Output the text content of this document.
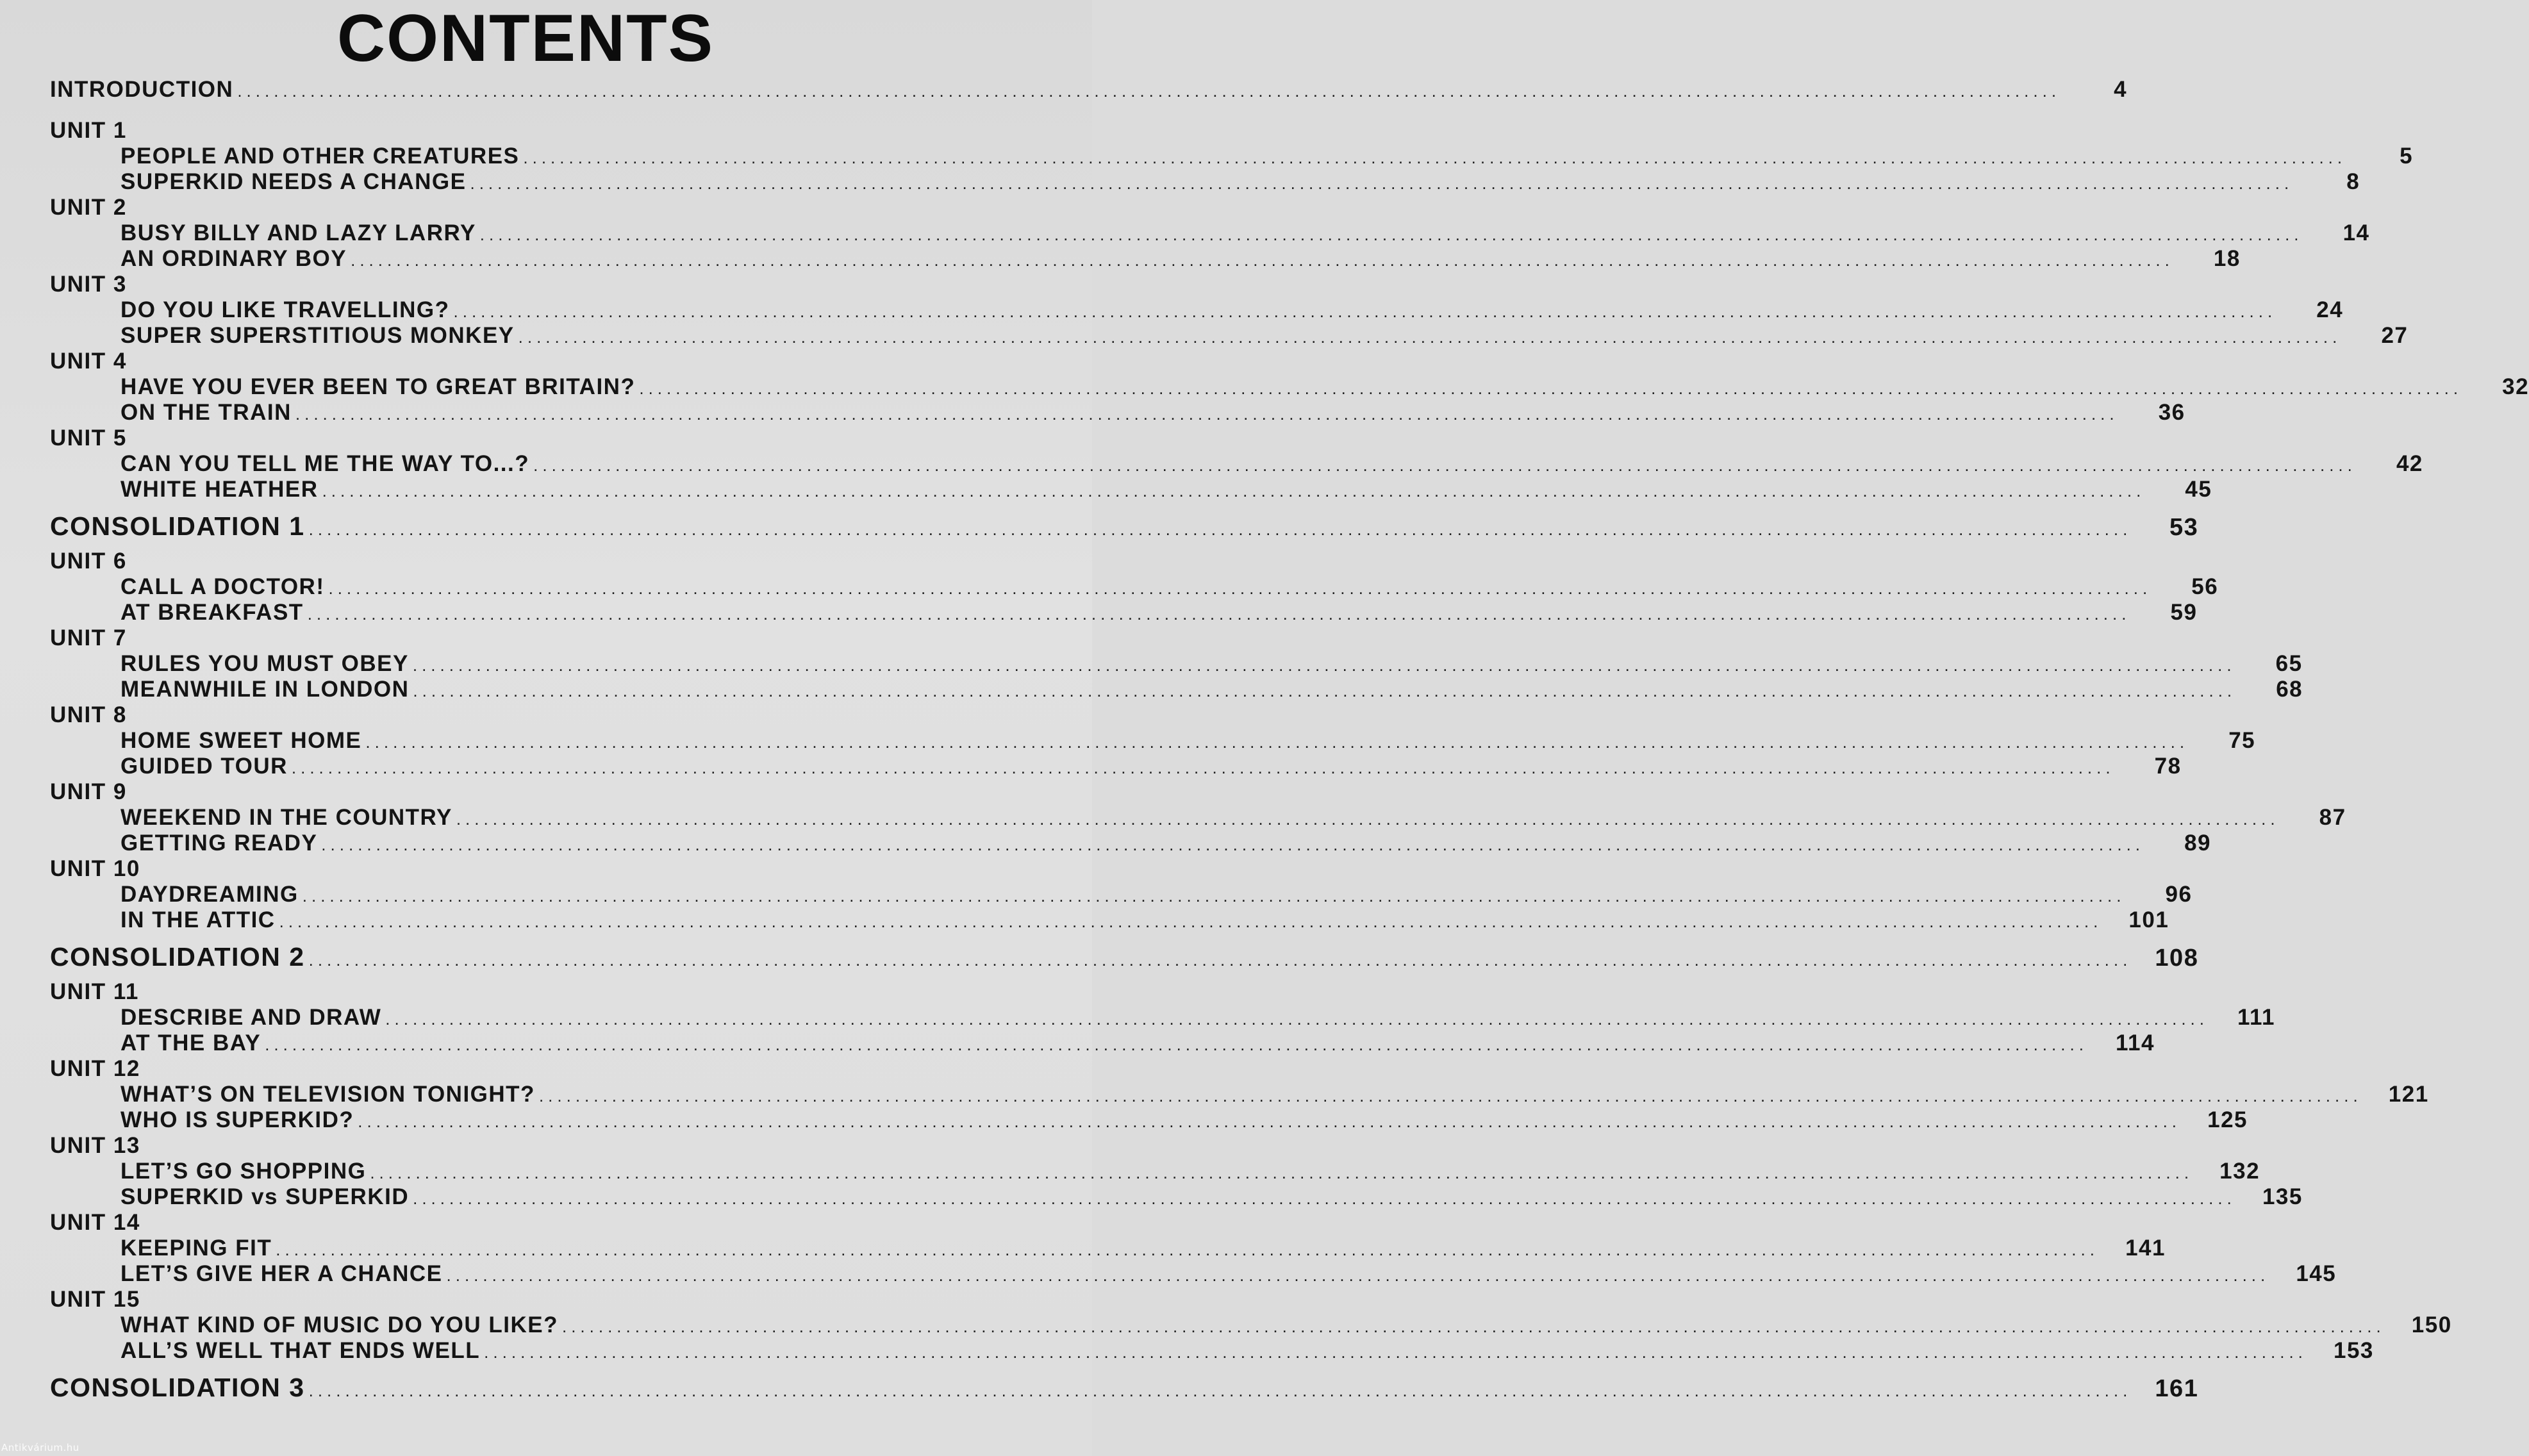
CONTENTS
INTRODUCTION ........................................................................................................................................................................................................	4
UNIT 1
PEOPLE AND OTHER CREATURES ........................................................................................................................................................................................................	5
SUPERKID NEEDS A CHANGE ........................................................................................................................................................................................................	8
UNIT 2
BUSY BILLY AND LAZY LARRY ........................................................................................................................................................................................................	14
AN ORDINARY BOY ........................................................................................................................................................................................................	18
UNIT 3
DO YOU LIKE TRAVELLING? ........................................................................................................................................................................................................	24
SUPER SUPERSTITIOUS MONKEY ........................................................................................................................................................................................................	27
UNIT 4
HAVE YOU EVER BEEN TO GREAT BRITAIN? ........................................................................................................................................................................................................	32
ON THE TRAIN ........................................................................................................................................................................................................	36
UNIT 5
CAN YOU TELL ME THE WAY TO...? ........................................................................................................................................................................................................	42
WHITE HEATHER ........................................................................................................................................................................................................	45
CONSOLIDATION 1 ........................................................................................................................................................................................................	53
UNIT 6
CALL A DOCTOR! ........................................................................................................................................................................................................	56
AT BREAKFAST ........................................................................................................................................................................................................	59
UNIT 7
RULES YOU MUST OBEY ........................................................................................................................................................................................................	65
MEANWHILE IN LONDON ........................................................................................................................................................................................................	68
UNIT 8
HOME SWEET HOME ........................................................................................................................................................................................................	75
GUIDED TOUR ........................................................................................................................................................................................................	78
UNIT 9
WEEKEND IN THE COUNTRY ........................................................................................................................................................................................................	87
GETTING READY ........................................................................................................................................................................................................	89
UNIT 10
DAYDREAMING ........................................................................................................................................................................................................	96
IN THE ATTIC ........................................................................................................................................................................................................	101
CONSOLIDATION 2 ........................................................................................................................................................................................................ 108
UNIT 11
DESCRIBE AND DRAW ........................................................................................................................................................................................................	111
AT THE BAY ........................................................................................................................................................................................................	114
UNIT 12
WHAT’S ON TELEVISION TONIGHT? ........................................................................................................................................................................................................	121
WHO IS SUPERKID? ........................................................................................................................................................................................................	125
UNIT 13
LET’S GO SHOPPING ........................................................................................................................................................................................................	132
SUPERKID vs SUPERKID ........................................................................................................................................................................................................	135
UNIT 14
KEEPING FIT ........................................................................................................................................................................................................	141
LET’S GIVE HER A CHANCE ........................................................................................................................................................................................................	145
UNIT 15
WHAT KIND OF MUSIC DO YOU LIKE? ........................................................................................................................................................................................................	150
ALL’S WELL THAT ENDS WELL ........................................................................................................................................................................................................	153
CONSOLIDATION 3 ........................................................................................................................................................................................................ 161
Antikvárium.hu
